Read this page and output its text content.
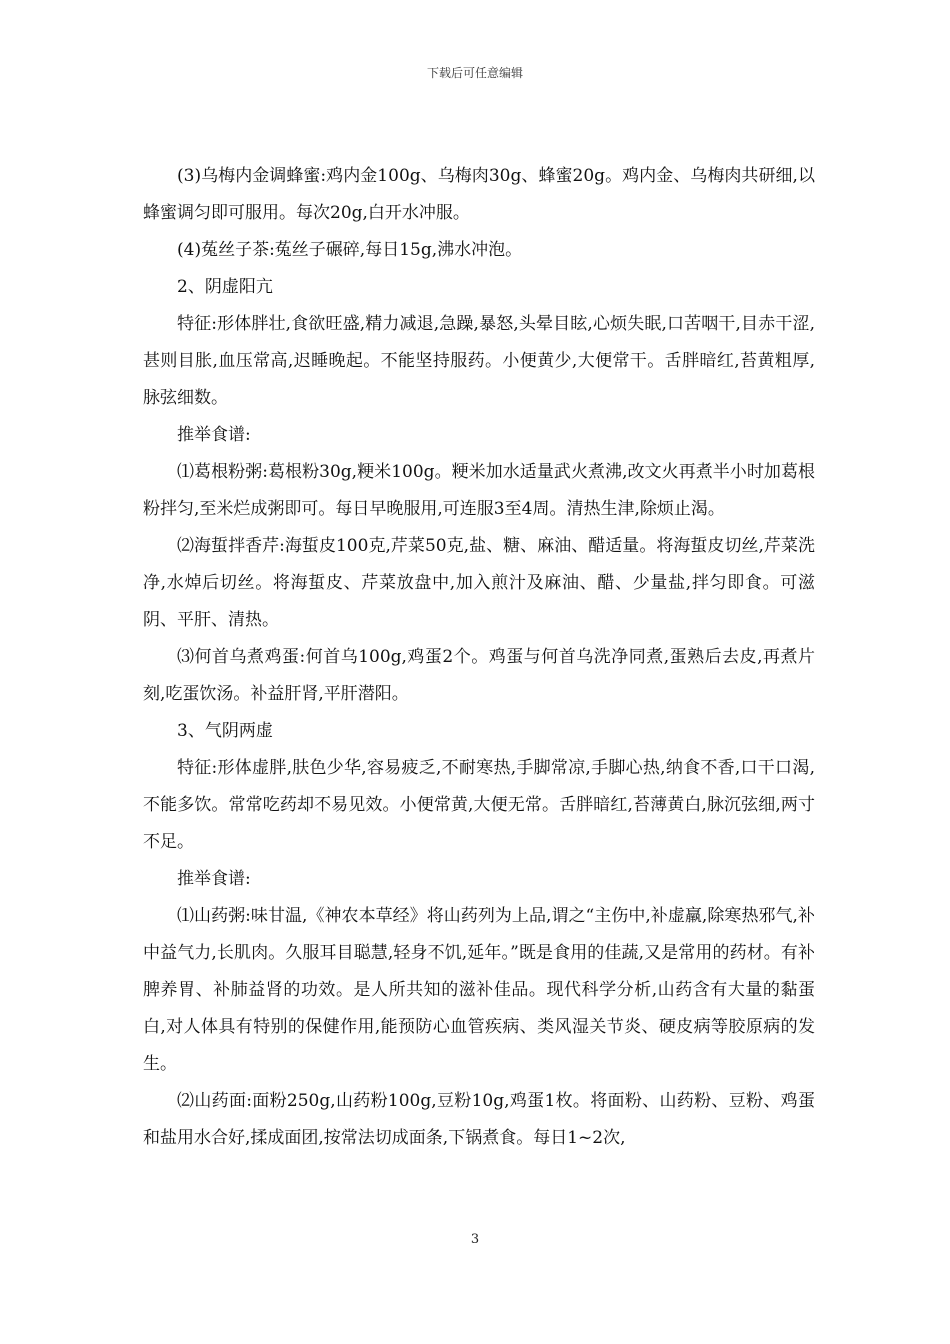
下载后可任意编辑

(3)乌梅内金调蜂蜜:鸡内金100g、乌梅肉30g、蜂蜜20g。鸡内金、乌梅肉共研细,以蜂蜜调匀即可服用。每次20g,白开水冲服。

(4)菟丝子茶:菟丝子碾碎,每日15g,沸水冲泡。

2、阴虚阳亢

特征:形体胖壮,食欲旺盛,精力减退,急躁,暴怒,头晕目眩,心烦失眠,口苦咽干,目赤干涩,甚则目胀,血压常高,迟睡晚起。不能坚持服药。小便黄少,大便常干。舌胖暗红,苔黄粗厚,脉弦细数。

推举食谱:

⑴葛根粉粥:葛根粉30g,粳米100g。粳米加水适量武火煮沸,改文火再煮半小时加葛根粉拌匀,至米烂成粥即可。每日早晚服用,可连服3至4周。清热生津,除烦止渴。

⑵海蜇拌香芹:海蜇皮100克,芹菜50克,盐、糖、麻油、醋适量。将海蜇皮切丝,芹菜洗净,水焯后切丝。将海蜇皮、芹菜放盘中,加入煎汁及麻油、醋、少量盐,拌匀即食。可滋阴、平肝、清热。

⑶何首乌煮鸡蛋:何首乌100g,鸡蛋2个。鸡蛋与何首乌洗净同煮,蛋熟后去皮,再煮片刻,吃蛋饮汤。补益肝肾,平肝潜阳。

3、气阴两虚

特征:形体虚胖,肤色少华,容易疲乏,不耐寒热,手脚常凉,手脚心热,纳食不香,口干口渴,不能多饮。常常吃药却不易见效。小便常黄,大便无常。舌胖暗红,苔薄黄白,脉沉弦细,两寸不足。

推举食谱:

⑴山药粥:味甘温,《神农本草经》将山药列为上品,谓之“主伤中,补虚羸,除寒热邪气,补中益气力,长肌肉。久服耳目聪慧,轻身不饥,延年。”既是食用的佳蔬,又是常用的药材。有补脾养胃、补肺益肾的功效。是人所共知的滋补佳品。现代科学分析,山药含有大量的黏蛋白,对人体具有特别的保健作用,能预防心血管疾病、类风湿关节炎、硬皮病等胶原病的发生。

⑵山药面:面粉250g,山药粉100g,豆粉10g,鸡蛋1枚。将面粉、山药粉、豆粉、鸡蛋和盐用水合好,揉成面团,按常法切成面条,下锅煮食。每日1~2次,

3
